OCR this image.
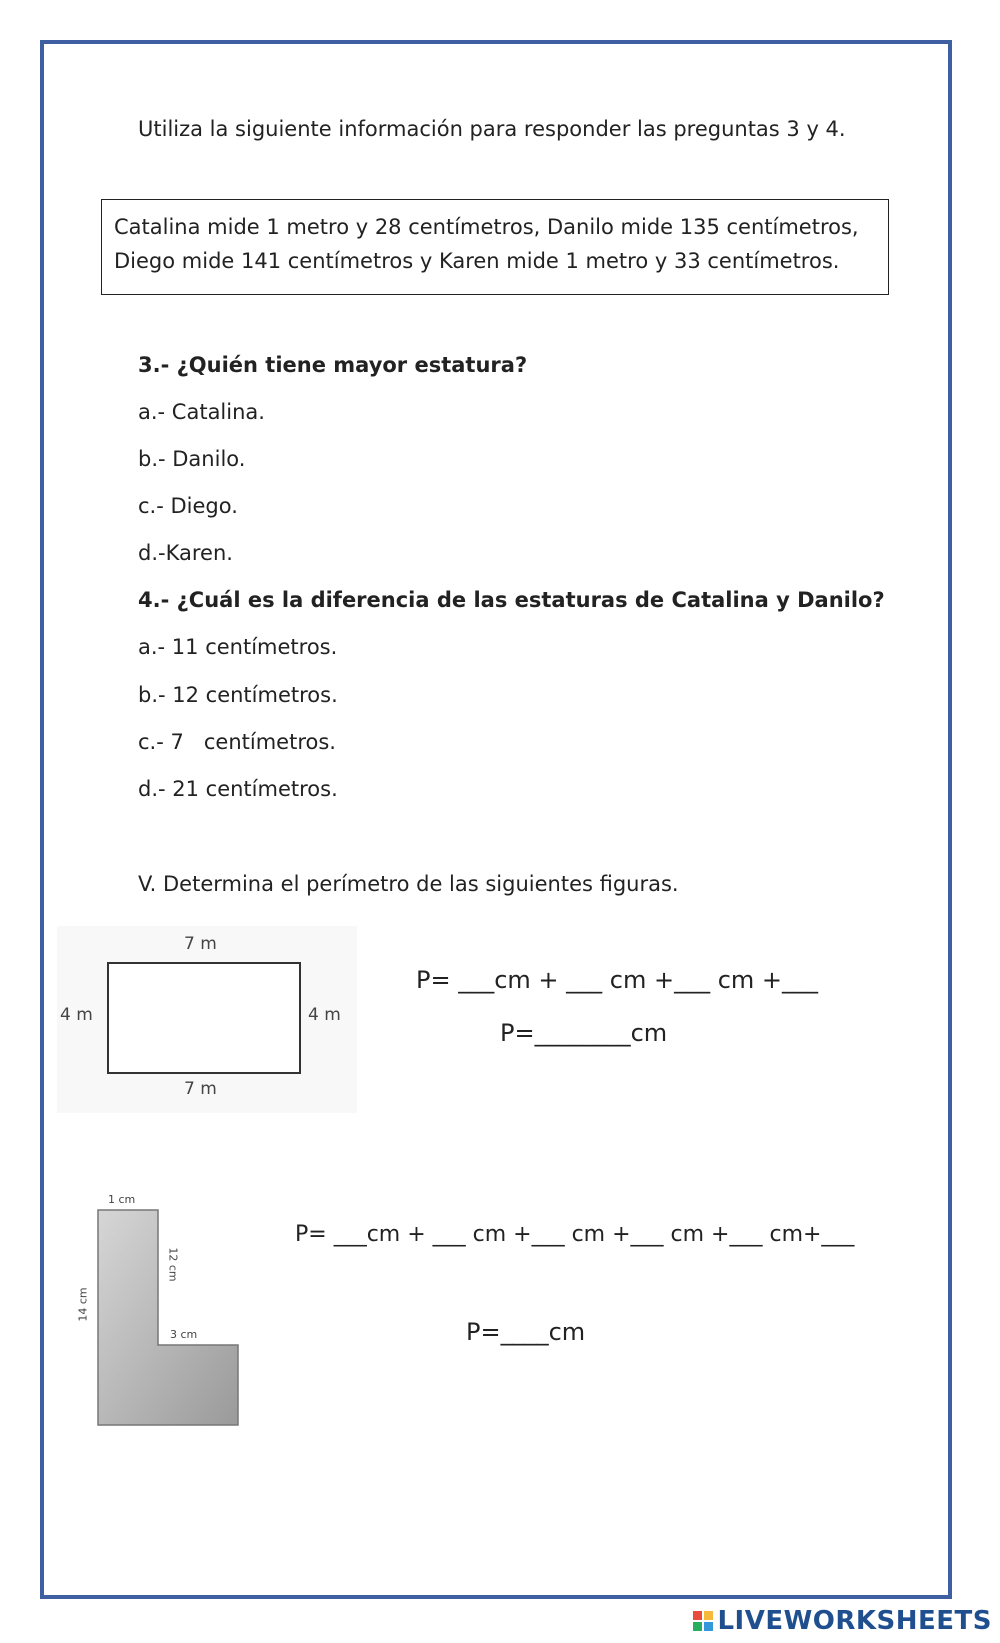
Utiliza la siguiente información para responder las preguntas 3 y 4.
Catalina mide 1 metro y 28 centímetros, Danilo mide 135 centímetros,
Diego mide 141 centímetros y Karen mide 1 metro y 33 centímetros.
3.- ¿Quién tiene mayor estatura?
a.- Catalina.
b.- Danilo.
c.- Diego.
d.-Karen.
4.- ¿Cuál es la diferencia de las estaturas de Catalina y Danilo?
a.- 11 centímetros.
b.- 12 centímetros.
c.- 7   centímetros.
d.- 21 centímetros.
V. Determina el perímetro de las siguientes figuras.
7 m
7 m
4 m	4 m
P= ___cm + ___ cm +___ cm +___
P=________cm
1 cm
12 cm
14 cm
3 cm
P= ___cm + ___ cm +___ cm +___ cm +___ cm+___
P=____cm
LIVEWORKSHEETS
